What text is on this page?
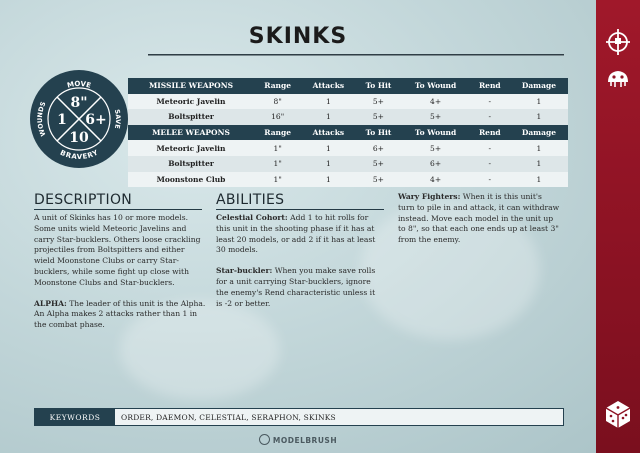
SKINKS
MOVE
BRAVERY
WOUNDS
SAVE
8"
1 6+
10
MISSILE WEAPONS	Range	Attacks	To Hit	To Wound	Rend	Damage
Meteoric Javelin	8"	1	5+	4+	-	1
Boltspitter	16"	1	5+	5+	-	1
MELEE WEAPONS	Range	Attacks	To Hit	To Wound	Rend	Damage
Meteoric Javelin	1"	1	6+	5+	-	1
Boltspitter	1"	1	5+	6+	-	1
Moonstone Club	1"	1	5+	4+	-	1
DESCRIPTION

A unit of Skinks has 10 or more models. Some units wield Meteoric Javelins and carry Star-bucklers. Others loose crackling projectiles from Boltspitters and either wield Moonstone Clubs or carry Star-bucklers, while some fight up close with Moonstone Clubs and Star-bucklers.

ALPHA: The leader of this unit is the Alpha. An Alpha makes 2 attacks rather than 1 in the combat phase.

ABILITIES

Celestial Cohort: Add 1 to hit rolls for this unit in the shooting phase if it has at least 20 models, or add 2 if it has at least 30 models.

Star-buckler: When you make save rolls for a unit carrying Star-bucklers, ignore the enemy's Rend characteristic unless it is -2 or better.

Wary Fighters: When it is this unit's turn to pile in and attack, it can withdraw instead. Move each model in the unit up to 8", so that each one ends up at least 3" from the enemy.

KEYWORDS	ORDER, DAEMON, CELESTIAL, SERAPHON, SKINKS
MODELBRUSH
